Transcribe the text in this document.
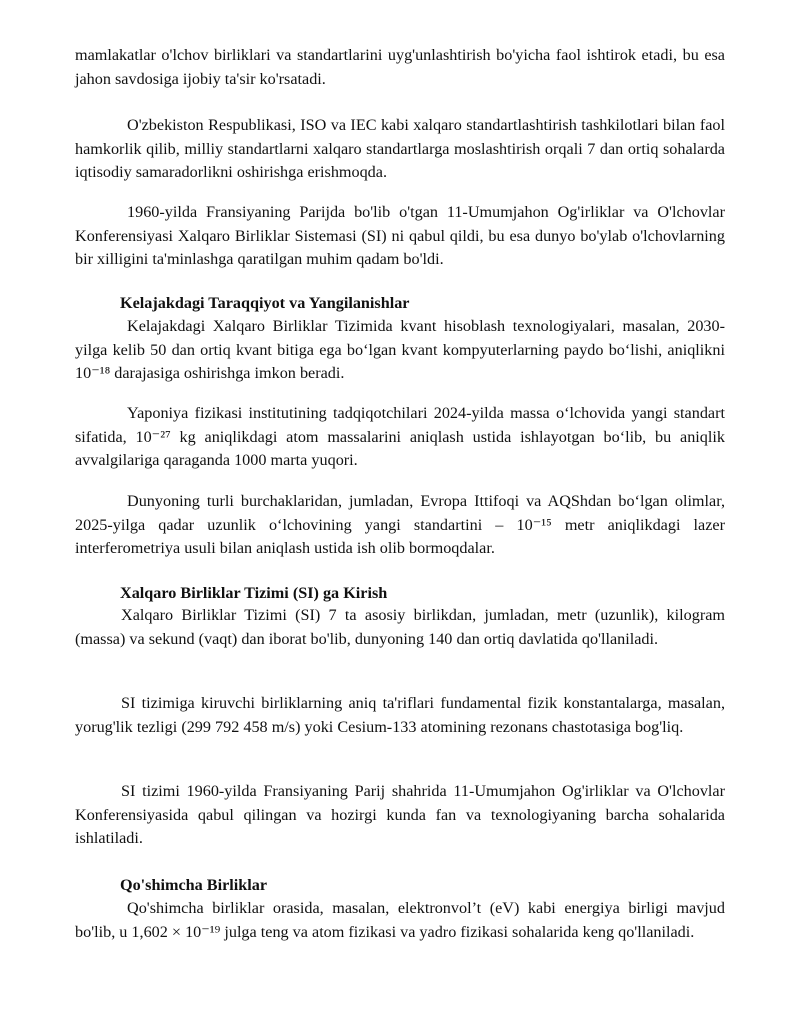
mamlakatlar o'lchov birliklari va standartlarini uyg'unlashtirish bo'yicha faol ishtirok etadi, bu esa jahon savdosiga ijobiy ta'sir ko'rsatadi.

O'zbekiston Respublikasi, ISO va IEC kabi xalqaro standartlashtirish tashkilotlari bilan faol hamkorlik qilib, milliy standartlarni xalqaro standartlarga moslashtirish orqali 7 dan ortiq sohalarda iqtisodiy samaradorlikni oshirishga erishmoqda.

1960-yilda Fransiyaning Parijda bo'lib o'tgan 11-Umumjahon Og'irliklar va O'lchovlar Konferensiyasi Xalqaro Birliklar Sistemasi (SI) ni qabul qildi, bu esa dunyo bo'ylab o'lchovlarning bir xilligini ta'minlashga qaratilgan muhim qadam bo'ldi.

Kelajakdagi Taraqqiyot va Yangilanishlar

Kelajakdagi Xalqaro Birliklar Tizimida kvant hisoblash texnologiyalari, masalan, 2030-yilga kelib 50 dan ortiq kvant bitiga ega bo‘lgan kvant kompyuterlarning paydo bo‘lishi, aniqlikni 10⁻¹⁸ darajasiga oshirishga imkon beradi.

Yaponiya fizikasi institutining tadqiqotchilari 2024-yilda massa o‘lchovida yangi standart sifatida, 10⁻²⁷ kg aniqlikdagi atom massalarini aniqlash ustida ishlayotgan bo‘lib, bu aniqlik avvalgilariga qaraganda 1000 marta yuqori.

Dunyoning turli burchaklaridan, jumladan, Evropa Ittifoqi va AQShdan bo‘lgan olimlar, 2025-yilga qadar uzunlik o‘lchovining yangi standartini – 10⁻¹⁵ metr aniqlikdagi lazer interferometriya usuli bilan aniqlash ustida ish olib bormoqdalar.

Xalqaro Birliklar Tizimi (SI) ga Kirish

Xalqaro Birliklar Tizimi (SI) 7 ta asosiy birlikdan, jumladan, metr (uzunlik), kilogram (massa) va sekund (vaqt) dan iborat bo'lib, dunyoning 140 dan ortiq davlatida qo'llaniladi.

SI tizimiga kiruvchi birliklarning aniq ta'riflari fundamental fizik konstantalarga, masalan, yorug'lik tezligi (299 792 458 m/s) yoki Cesium-133 atomining rezonans chastotasiga bog'liq.

SI tizimi 1960-yilda Fransiyaning Parij shahrida 11-Umumjahon Og'irliklar va O'lchovlar Konferensiyasida qabul qilingan va hozirgi kunda fan va texnologiyaning barcha sohalarida ishlatiladi.

Qo'shimcha Birliklar

Qo'shimcha birliklar orasida, masalan, elektronvol’t (eV) kabi energiya birligi mavjud bo'lib, u 1,602 × 10⁻¹⁹ julga teng va atom fizikasi va yadro fizikasi sohalarida keng qo'llaniladi.
